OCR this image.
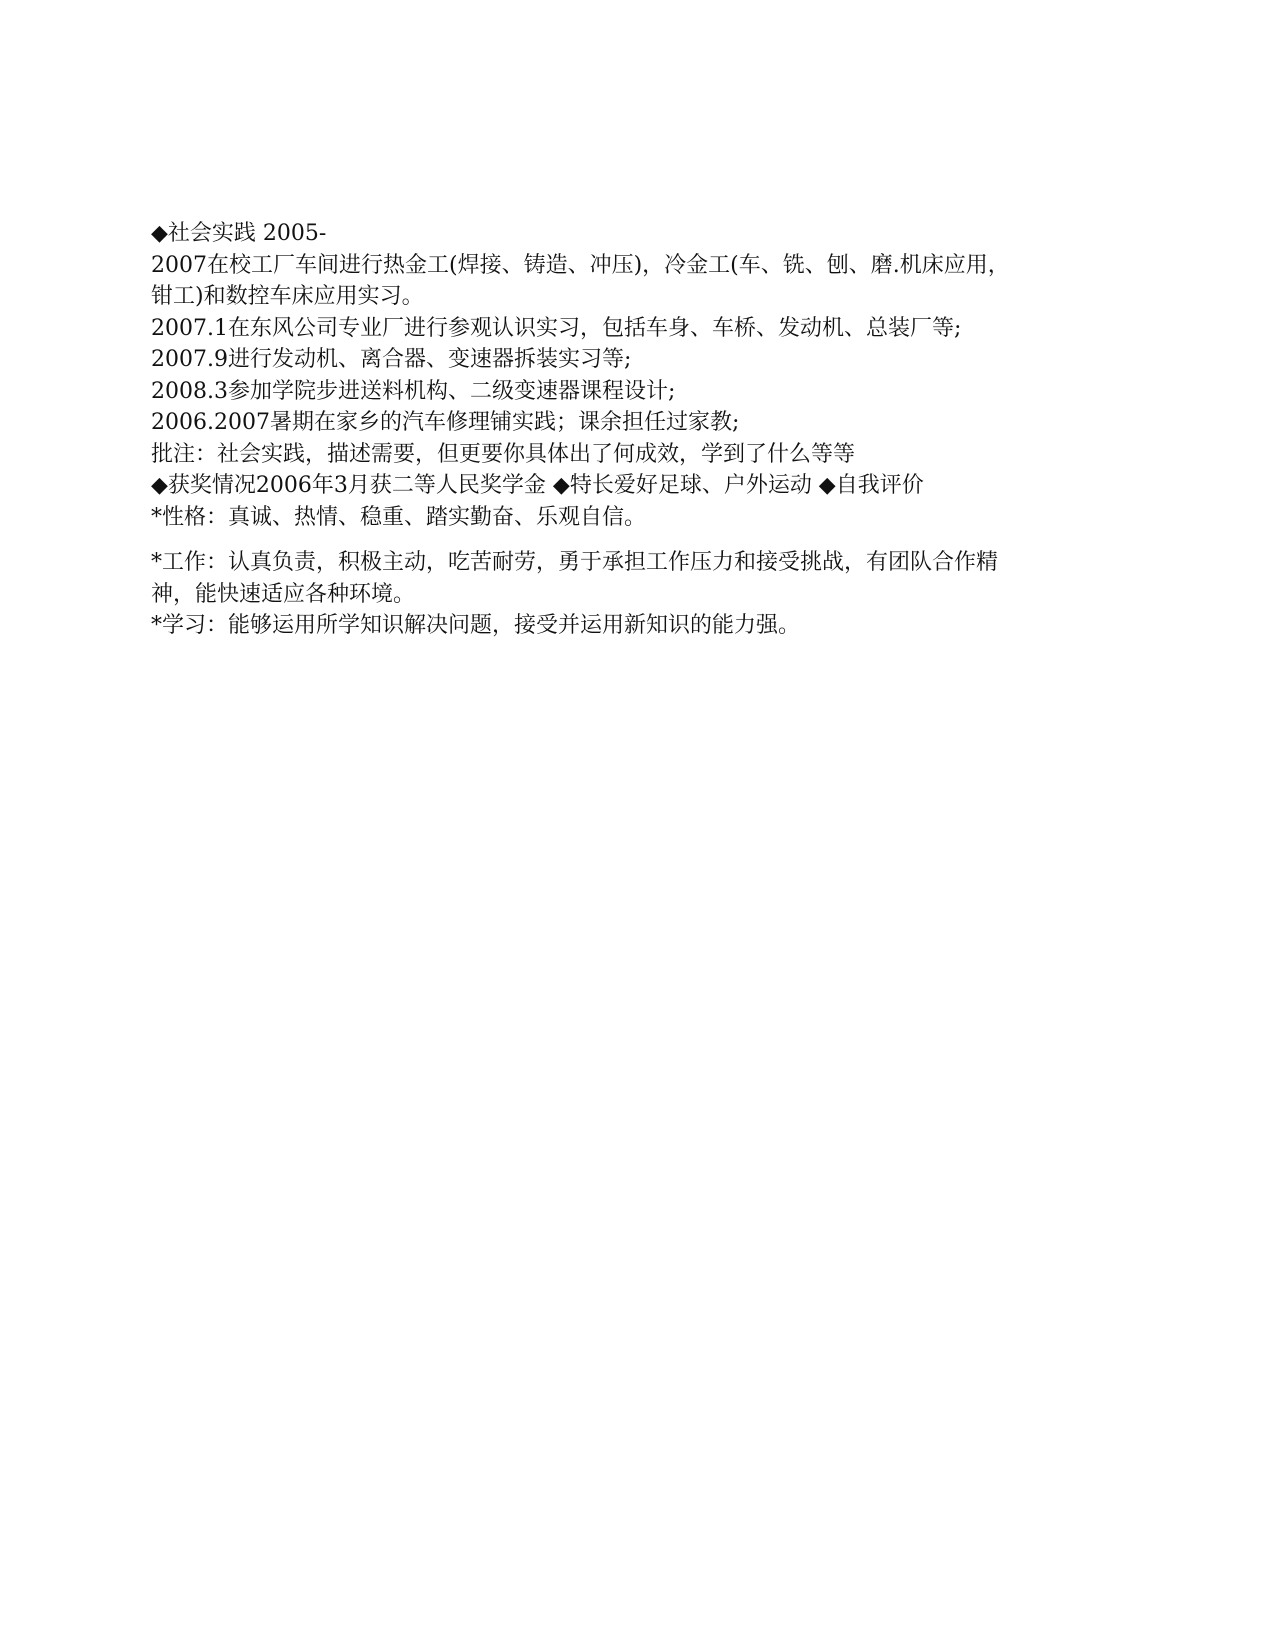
◆社会实践 2005-

2007在校工厂车间进行热金工(焊接、铸造、冲压)，冷金工(车、铣、刨、磨.机床应用，

钳工)和数控车床应用实习。

2007.1在东风公司专业厂进行参观认识实习，包括车身、车桥、发动机、总装厂等;

2007.9进行发动机、离合器、变速器拆装实习等;

2008.3参加学院步进送料机构、二级变速器课程设计;

2006.2007暑期在家乡的汽车修理铺实践；课余担任过家教;

批注：社会实践，描述需要，但更要你具体出了何成效，学到了什么等等

◆获奖情况2006年3月获二等人民奖学金 ◆特长爱好足球、户外运动 ◆自我评价

*性格：真诚、热情、稳重、踏实勤奋、乐观自信。

*工作：认真负责，积极主动，吃苦耐劳，勇于承担工作压力和接受挑战，有团队合作精

神，能快速适应各种环境。

*学习：能够运用所学知识解决问题，接受并运用新知识的能力强。
